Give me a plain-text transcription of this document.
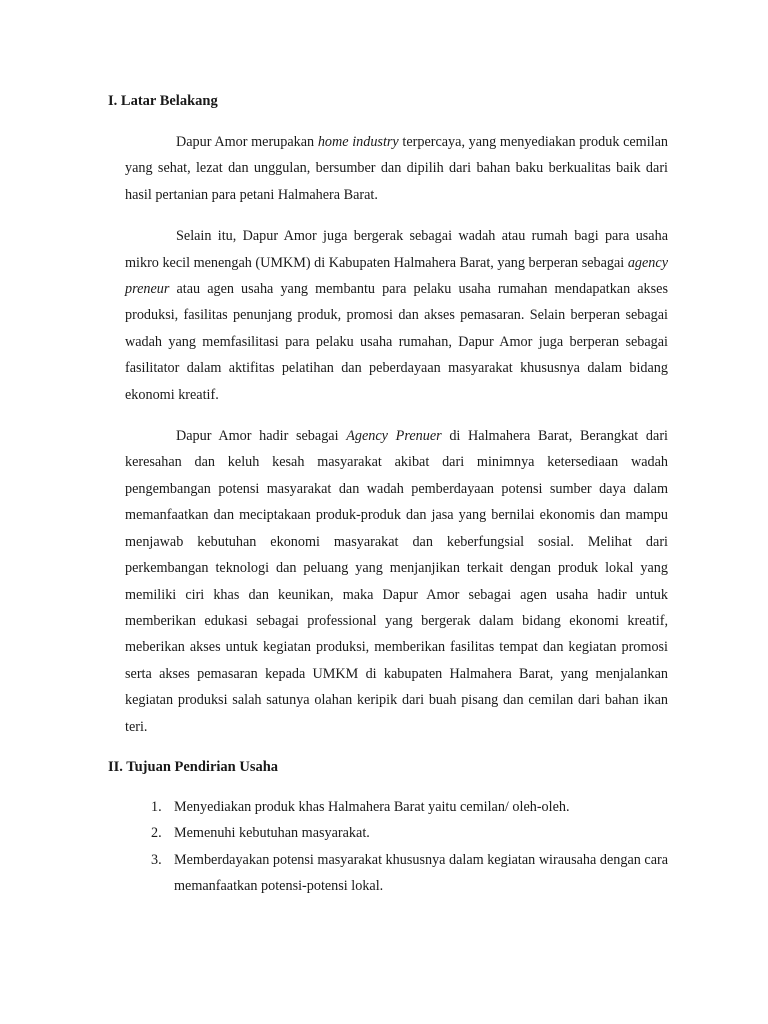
I. Latar Belakang

Dapur Amor merupakan home industry terpercaya, yang menyediakan produk cemilan yang sehat, lezat dan unggulan, bersumber dan dipilih dari bahan baku berkualitas baik dari hasil pertanian para petani Halmahera Barat.

Selain itu, Dapur Amor juga bergerak sebagai wadah atau rumah bagi para usaha mikro kecil menengah (UMKM) di Kabupaten Halmahera Barat, yang berperan sebagai agency preneur atau agen usaha yang membantu para pelaku usaha rumahan mendapatkan akses produksi, fasilitas penunjang produk, promosi dan akses pemasaran. Selain berperan sebagai wadah yang memfasilitasi para pelaku usaha rumahan, Dapur Amor juga berperan sebagai fasilitator dalam aktifitas pelatihan dan peberdayaan masyarakat khususnya dalam bidang ekonomi kreatif.

Dapur Amor hadir sebagai Agency Prenuer di Halmahera Barat, Berangkat dari keresahan dan keluh kesah masyarakat akibat dari minimnya ketersediaan wadah pengembangan potensi masyarakat dan wadah pemberdayaan potensi sumber daya dalam memanfaatkan dan meciptakaan produk-produk dan jasa yang bernilai ekonomis dan mampu menjawab kebutuhan ekonomi masyarakat dan keberfungsial sosial. Melihat dari perkembangan teknologi dan peluang yang menjanjikan terkait dengan produk lokal yang memiliki ciri khas dan keunikan, maka Dapur Amor sebagai agen usaha hadir untuk memberikan edukasi sebagai professional yang bergerak dalam bidang ekonomi kreatif, meberikan akses untuk kegiatan produksi, memberikan fasilitas tempat dan kegiatan promosi serta akses pemasaran kepada UMKM di kabupaten Halmahera Barat, yang menjalankan kegiatan produksi salah satunya olahan keripik dari buah pisang dan cemilan dari bahan ikan teri.

II. Tujuan Pendirian Usaha
1. Menyediakan produk khas Halmahera Barat yaitu cemilan/ oleh-oleh.
2. Memenuhi kebutuhan masyarakat.
3. Memberdayakan potensi masyarakat khususnya dalam kegiatan wirausaha dengan cara memanfaatkan potensi-potensi lokal.
